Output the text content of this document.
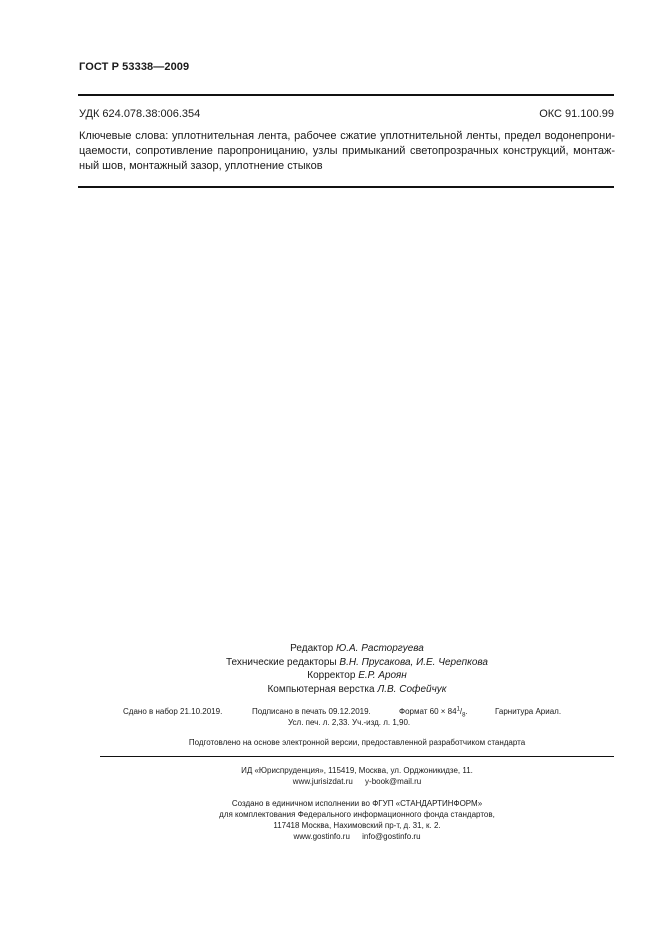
ГОСТ Р 53338—2009
УДК 624.078.38:006.354	ОКС 91.100.99
Ключевые слова: уплотнительная лента, рабочее сжатие уплотнительной ленты, предел водонепрони-
цаемости, сопротивление паропроницанию, узлы примыканий светопрозрачных конструкций, монтаж-
ный шов, монтажный зазор, уплотнение стыков
Редактор Ю.А. Расторгуева
Технические редакторы В.Н. Прусакова, И.Е. Черепкова
Корректор Е.Р. Ароян
Компьютерная верстка Л.В. Софейчук
Сдано в набор 21.10.2019.	Подписано в печать 09.12.2019.	Формат $60 \times 84^1/_8$.	Гарнитура Ариал.
Усл. печ. л. 2,33. Уч.-изд. л. 1,90.
Подготовлено на основе электронной версии, предоставленной разработчиком стандарта
ИД «Юриспруденция», 115419, Москва, ул. Орджоникидзе, 11.
www.jurisizdat.ru y-book@mail.ru
Создано в единичном исполнении во ФГУП «СТАНДАРТИНФОРМ»
для комплектования Федерального информационного фонда стандартов,
117418 Москва, Нахимовский пр-т, д. 31, к. 2.
www.gostinfo.ru info@gostinfo.ru
